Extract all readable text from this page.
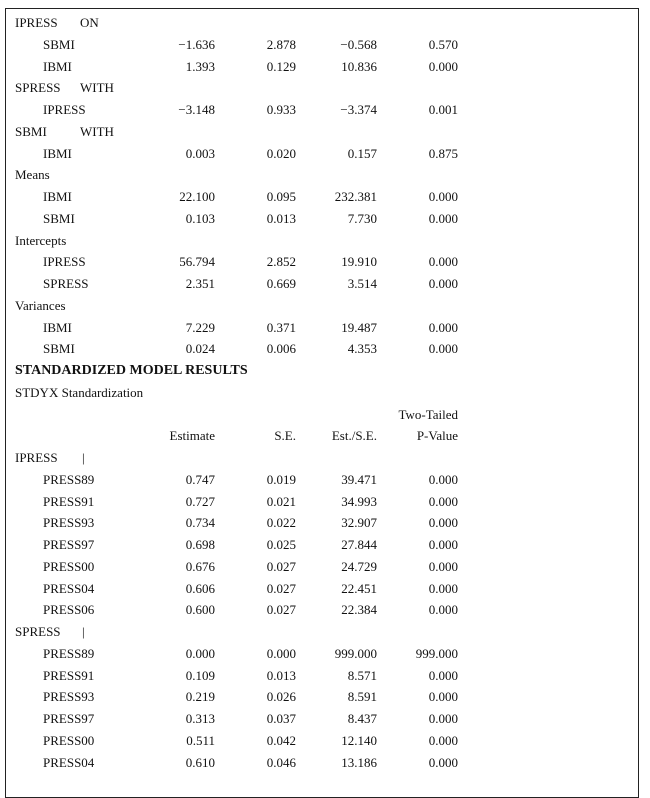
IPRESS ON
SBMI	−1.636	2.878	−0.568	0.570
IBMI	1.393	0.129	10.836	0.000
SPRESS WITH
IPRESS	−3.148	0.933	−3.374	0.001
SBMI	WITH
IBMI	0.003	0.020	0.157	0.875
Means
IBMI	22.100	0.095	232.381	0.000
SBMI	0.103	0.013	7.730	0.000
Intercepts
IPRESS	56.794	2.852	19.910	0.000
SPRESS	2.351	0.669	3.514	0.000
Variances
IBMI	7.229	0.371	19.487	0.000
SBMI	0.024	0.006	4.353	0.000
STANDARDIZED MODEL RESULTS
STDYX Standardization
Two-Tailed
Estimate	S.E.	Est./S.E.	P-Value
IPRESS |
PRESS89	0.747	0.019	39.471	0.000
PRESS91	0.727	0.021	34.993	0.000
PRESS93	0.734	0.022	32.907	0.000
PRESS97	0.698	0.025	27.844	0.000
PRESS00	0.676	0.027	24.729	0.000
PRESS04	0.606	0.027	22.451	0.000
PRESS06	0.600	0.027	22.384	0.000
SPRESS |
PRESS89	0.000	0.000	999.000	999.000
PRESS91	0.109	0.013	8.571	0.000
PRESS93	0.219	0.026	8.591	0.000
PRESS97	0.313	0.037	8.437	0.000
PRESS00	0.511	0.042	12.140	0.000
PRESS04	0.610	0.046	13.186	0.000
